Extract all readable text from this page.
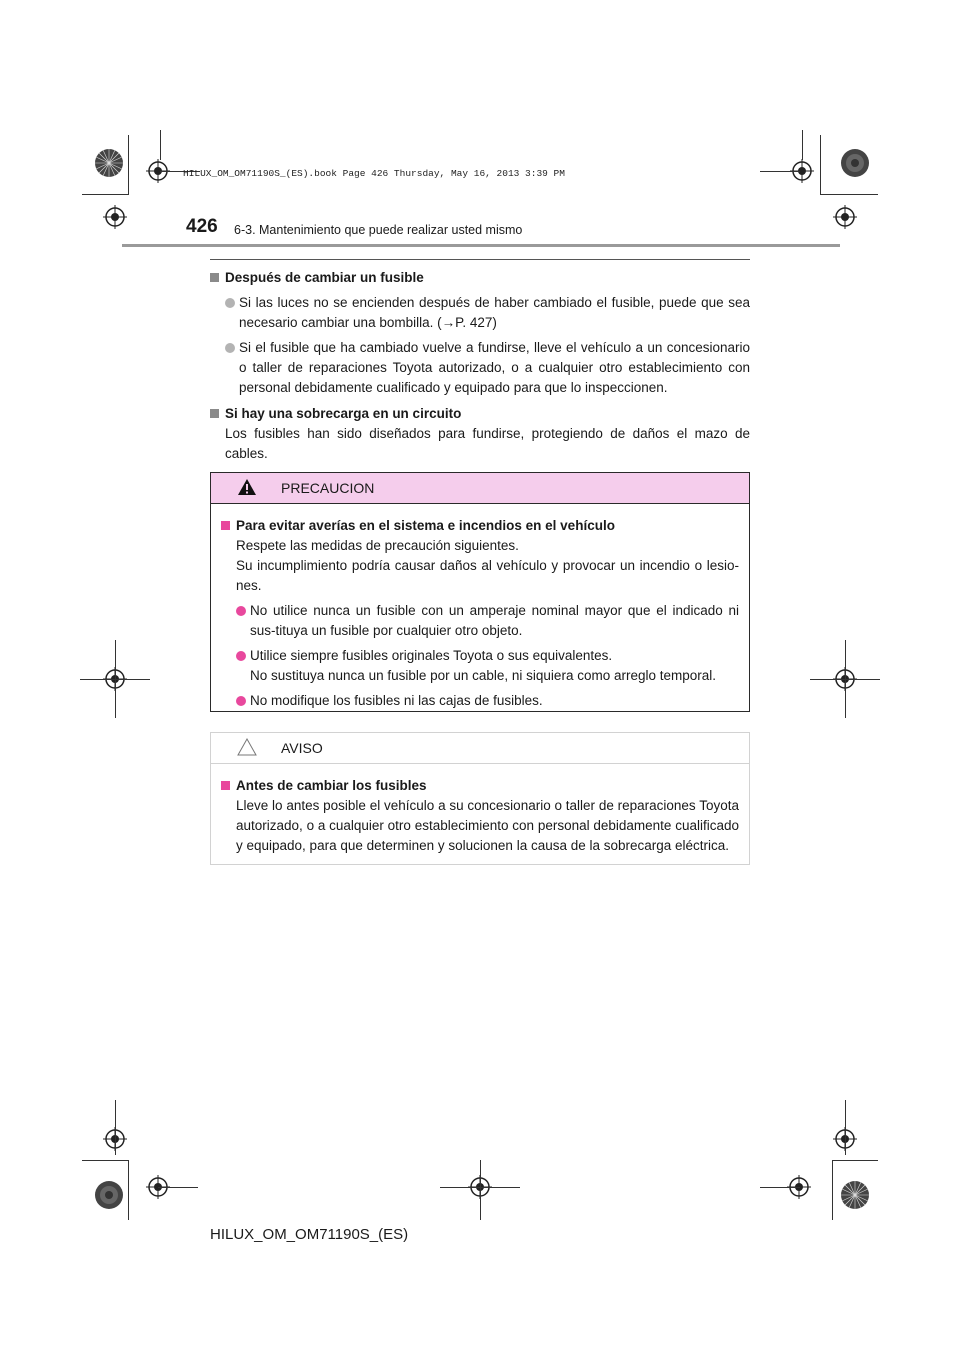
HILUX_OM_OM71190S_(ES).book Page 426 Thursday, May 16, 2013 3:39 PM
426 6-3. Mantenimiento que puede realizar usted mismo
Después de cambiar un fusible
Si las luces no se encienden después de haber cambiado el fusible, puede que sea necesario cambiar una bombilla. (→P. 427)
Si el fusible que ha cambiado vuelve a fundirse, lleve el vehículo a un concesionario o taller de reparaciones Toyota autorizado, o a cualquier otro establecimiento con personal debidamente cualificado y equipado para que lo inspeccionen.
Si hay una sobrecarga en un circuito
Los fusibles han sido diseñados para fundirse, protegiendo de daños el mazo de cables.
PRECAUCION
Para evitar averías en el sistema e incendios en el vehículo
Respete las medidas de precaución siguientes.
Su incumplimiento podría causar daños al vehículo y provocar un incendio o lesio-nes.
No utilice nunca un fusible con un amperaje nominal mayor que el indicado ni sus-tituya un fusible por cualquier otro objeto.
Utilice siempre fusibles originales Toyota o sus equivalentes.
No sustituya nunca un fusible por un cable, ni siquiera como arreglo temporal.
No modifique los fusibles ni las cajas de fusibles.
AVISO
Antes de cambiar los fusibles
Lleve lo antes posible el vehículo a su concesionario o taller de reparaciones Toyota autorizado, o a cualquier otro establecimiento con personal debidamente cualificado y equipado, para que determinen y solucionen la causa de la sobrecarga eléctrica.
HILUX_OM_OM71190S_(ES)
